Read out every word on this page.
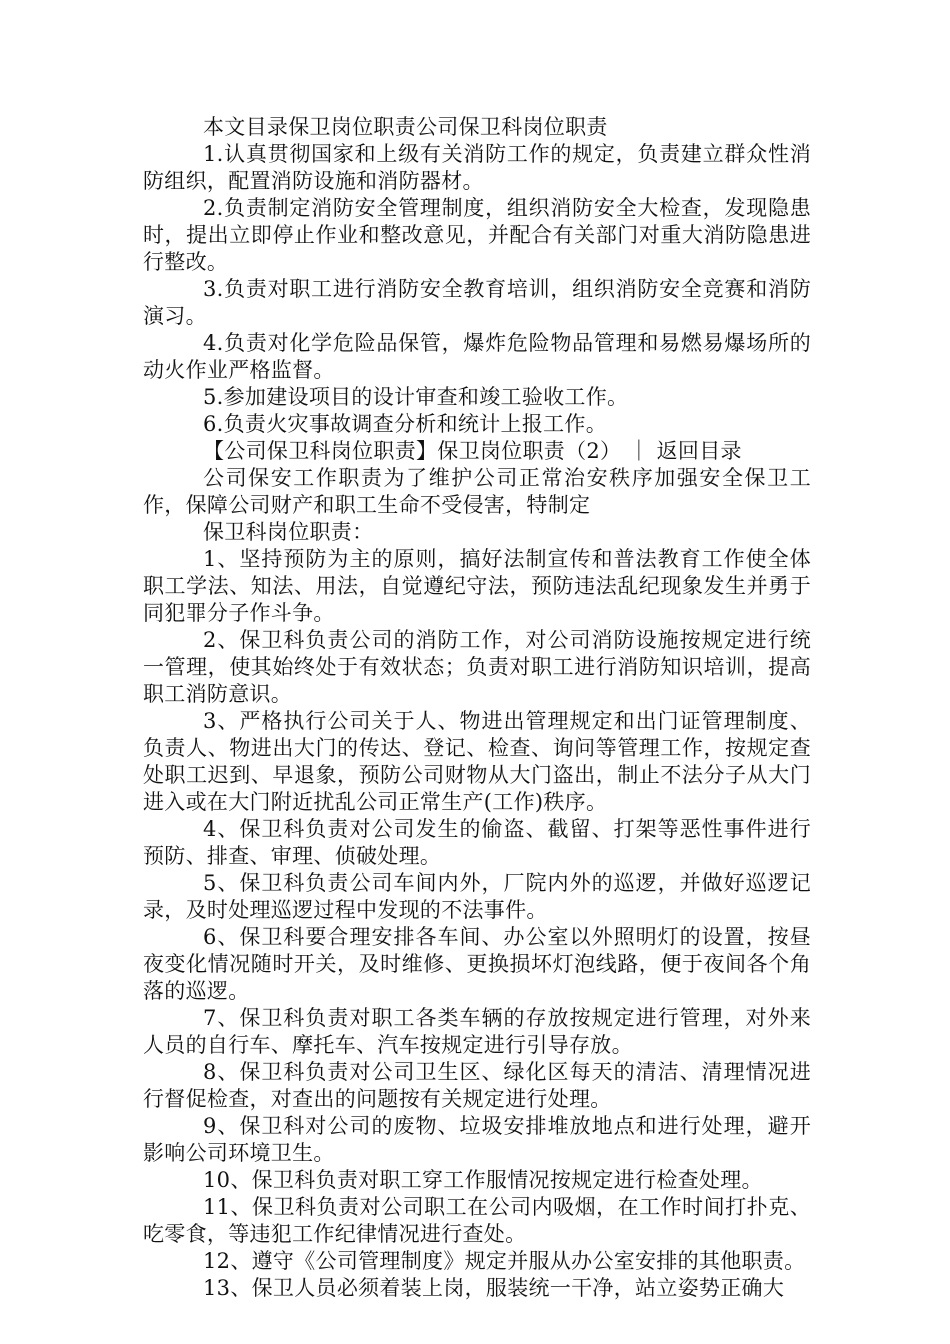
本文目录保卫岗位职责公司保卫科岗位职责

1.认真贯彻国家和上级有关消防工作的规定，负责建立群众性消防组织，配置消防设施和消防器材。

2.负责制定消防安全管理制度，组织消防安全大检查，发现隐患时，提出立即停止作业和整改意见，并配合有关部门对重大消防隐患进行整改。

3.负责对职工进行消防安全教育培训，组织消防安全竞赛和消防演习。

4.负责对化学危险品保管，爆炸危险物品管理和易燃易爆场所的动火作业严格监督。

5.参加建设项目的设计审查和竣工验收工作。

6.负责火灾事故调查分析和统计上报工作。

【公司保卫科岗位职责】保卫岗位职责（2） ｜ 返回目录

公司保安工作职责为了维护公司正常治安秩序加强安全保卫工作，保障公司财产和职工生命不受侵害，特制定

保卫科岗位职责：

1、坚持预防为主的原则，搞好法制宣传和普法教育工作使全体职工学法、知法、用法，自觉遵纪守法，预防违法乱纪现象发生并勇于同犯罪分子作斗争。

2、保卫科负责公司的消防工作，对公司消防设施按规定进行统一管理，使其始终处于有效状态；负责对职工进行消防知识培训，提高职工消防意识。

3、严格执行公司关于人、物进出管理规定和出门证管理制度、负责人、物进出大门的传达、登记、检查、询问等管理工作，按规定查处职工迟到、早退象，预防公司财物从大门盗出，制止不法分子从大门进入或在大门附近扰乱公司正常生产(工作)秩序。

4、保卫科负责对公司发生的偷盗、截留、打架等恶性事件进行预防、排查、审理、侦破处理。

5、保卫科负责公司车间内外，厂院内外的巡逻，并做好巡逻记录，及时处理巡逻过程中发现的不法事件。

6、保卫科要合理安排各车间、办公室以外照明灯的设置，按昼夜变化情况随时开关，及时维修、更换损坏灯泡线路，便于夜间各个角落的巡逻。

7、保卫科负责对职工各类车辆的存放按规定进行管理，对外来人员的自行车、摩托车、汽车按规定进行引导存放。

8、保卫科负责对公司卫生区、绿化区每天的清洁、清理情况进行督促检查，对查出的问题按有关规定进行处理。

9、保卫科对公司的废物、垃圾安排堆放地点和进行处理，避开影响公司环境卫生。

10、保卫科负责对职工穿工作服情况按规定进行检查处理。

11、保卫科负责对公司职工在公司内吸烟，在工作时间打扑克、吃零食，等违犯工作纪律情况进行查处。

12、遵守《公司管理制度》规定并服从办公室安排的其他职责。

13、保卫人员必须着装上岗，服装统一干净，站立姿势正确大
